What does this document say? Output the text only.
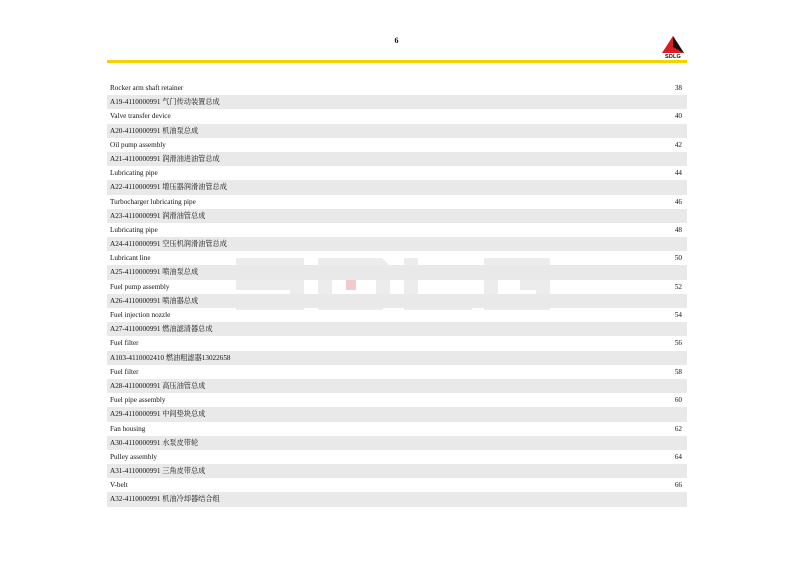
6
SDLG
Rocker arm shaft retainer	38
A19-4110000991 气门传动装置总成
Valve transfer device	40
A20-4110000991 机油泵总成
Oil pump assembly	42
A21-4110000991 润滑油进油管总成
Lubricating pipe	44
A22-4110000991 增压器润滑油管总成
Turbocharger lubricating pipe	46
A23-4110000991 润滑油管总成
Lubricating pipe	48
A24-4110000991 空压机润滑油管总成
Lubricant line	50
A25-4110000991 喷油泵总成
Fuel pump assembly	52
A26-4110000991 喷油器总成
Fuel injection nozzle	54
A27-4110000991 燃油滤清器总成
Fuel filter	56
A103-4110002410 燃油粗滤器13022658
Fuel filter	58
A28-4110000991 高压油管总成
Fuel pipe assembly	60
A29-4110000991 中间垫块总成
Fan housing	62
A30-4110000991 水泵皮带轮
Pulley assembly	64
A31-4110000991 三角皮带总成
V-belt	66
A32-4110000991 机油冷却器结合组
